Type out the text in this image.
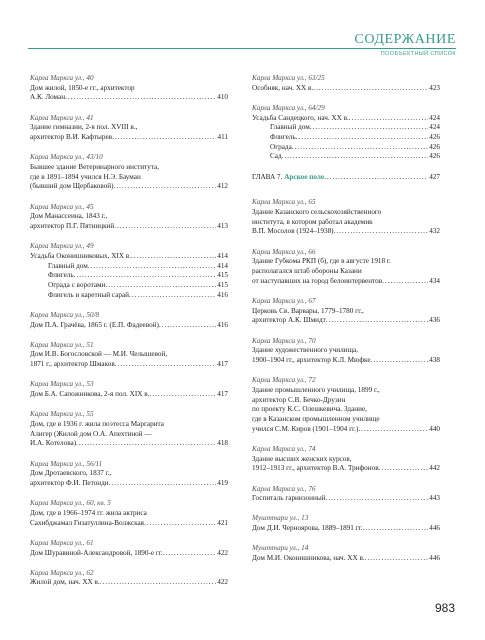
СОДЕРЖАНИЕ
ПООБЪЕКТНЫЙ СПИСОК
Карла Маркса ул., 40
Дом жилой, 1850-е гг., архитектор
А.К. Ломан .....	410
Карла Маркса ул., 41
Здание гимназии, 2-я пол. XVIII в.,
архитектор В.И. Кафтырев .....	411
Карла Маркса ул., 43/10
Бывшее здание Ветеринарного института,
где в 1891–1894 учился Н.Э. Бауман
(бывший дом Щербаковой) .....	412
Карла Маркса ул., 45
Дом Манассеина, 1843 г.,
архитектор П.Г. Пятницкий .....	413
Карла Маркса ул., 49
Усадьба Оконишниковых, XIX в. .....	414
Главный дом .....	414
Флигель .....	415
Ограда с воротами .....	415
Флигель и каретный сарай .....	416
Карла Маркса ул., 50/8
Дом П.А. Грачёва, 1865 г. (Е.П. Фадеевой) .....	416
Карла Маркса ул., 51
Дом И.В. Богословской — М.И. Челышевой,
1871 г., архитектор Шмаков .....	417
Карла Маркса ул., 53
Дом Б.А. Сапожникова, 2-я пол. XIX в. .....	417
Карла Маркса ул., 55
Дом, где в 1936 г. жила поэтесса Маргарита
Алигер (Жилой дом О.А. Апехтиной —
И.А. Котелова) .....	418
Карла Маркса ул., 56/11
Дом Дротаевского, 1837 г.,
архитектор Ф.И. Петонди .....	419
Карла Маркса ул., 60, кв. 5
Дом, где в 1966–1974 гг. жила актриса
Сахибджамал Гизатуллина-Волжская .....	421
Карла Маркса ул., 61
Дом Шуравиной-Александровой, 1890-е гг. .....	422
Карла Маркса ул., 62
Жилой дом, нач. XX в. .....	422
Карла Маркса ул., 63/25
Особняк, нач. XX в. .....	423
Карла Маркса ул., 64/29
Усадьба Сандецкого, нач. XX в. .....	424
Главный дом .....	424
Флигель .....	426
Ограда .....	426
Сад .....	426
ГЛАВА 7. Арское поле .....	427
Карла Маркса ул., 65
Здание Казанского сельскохозяйственного
института, в котором работал академик
В.П. Мосолов (1924–1938) .....	432
Карла Маркса ул., 66
Здание Губкома РКП (б), где в августе 1918 г.
располагался штаб обороны Казани
от наступавших на город белоинтервентов .....	434
Карла Маркса ул., 67
Церковь Св. Варвары, 1779–1780 гг.,
архитектор А.К. Шмидт .....	436
Карла Маркса ул., 70
Здание художественного училища,
1900–1904 гг., архитектор К.Л. Мюфке .....	438
Карла Маркса ул., 72
Здание промышленного училища, 1899 г.,
архитектор С.В. Бечко-Друзин
по проекту К.С. Олешкевича. Здание,
где в Казанском промышленном училище
учился С.М. Киров (1901–1904 гг.) .....	440
Карла Маркса ул., 74
Здание высших женских курсов,
1912–1913 гг., архитектор В.А. Трифонов .....	442
Карла Маркса ул., 76
Госпиталь гарнизонный .....	443
Мушттари ул., 13
Дом Д.И. Черноярова, 1889–1891 гг. .....	446
Мушттари ул., 14
Дом М.И. Оконишникова, нач. XX в. .....	446
983
